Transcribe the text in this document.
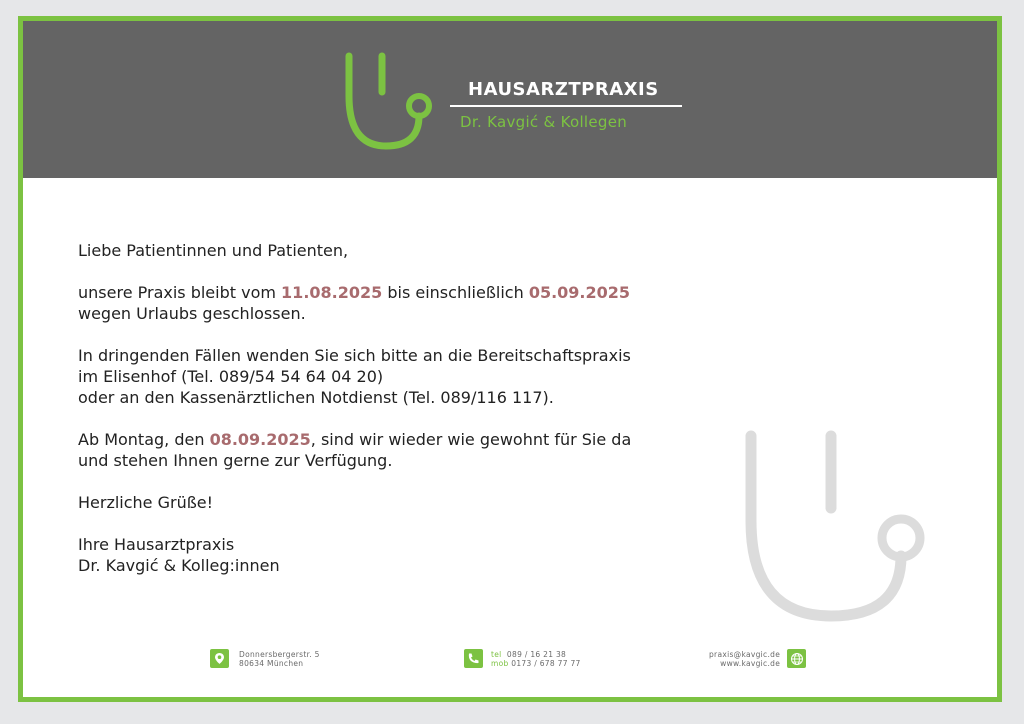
HAUSARZTPRAXIS
Dr. Kavgić & Kollegen

Liebe Patientinnen und Patienten,

unsere Praxis bleibt vom 11.08.2025 bis einschließlich 05.09.2025
wegen Urlaubs geschlossen.

In dringenden Fällen wenden Sie sich bitte an die Bereitschaftspraxis
im Elisenhof (Tel. 089/54 54 64 04 20)
oder an den Kassenärztlichen Notdienst (Tel. 089/116 117).

Ab Montag, den 08.09.2025, sind wir wieder wie gewohnt für Sie da
und stehen Ihnen gerne zur Verfügung.

Herzliche Grüße!

Ihre Hausarztpraxis
Dr. Kavgić & Kolleg:innen

Donnersbergerstr. 5
80634 München
tel 089 / 16 21 38
mob 0173 / 678 77 77
praxis@kavgic.de
www.kavgic.de
